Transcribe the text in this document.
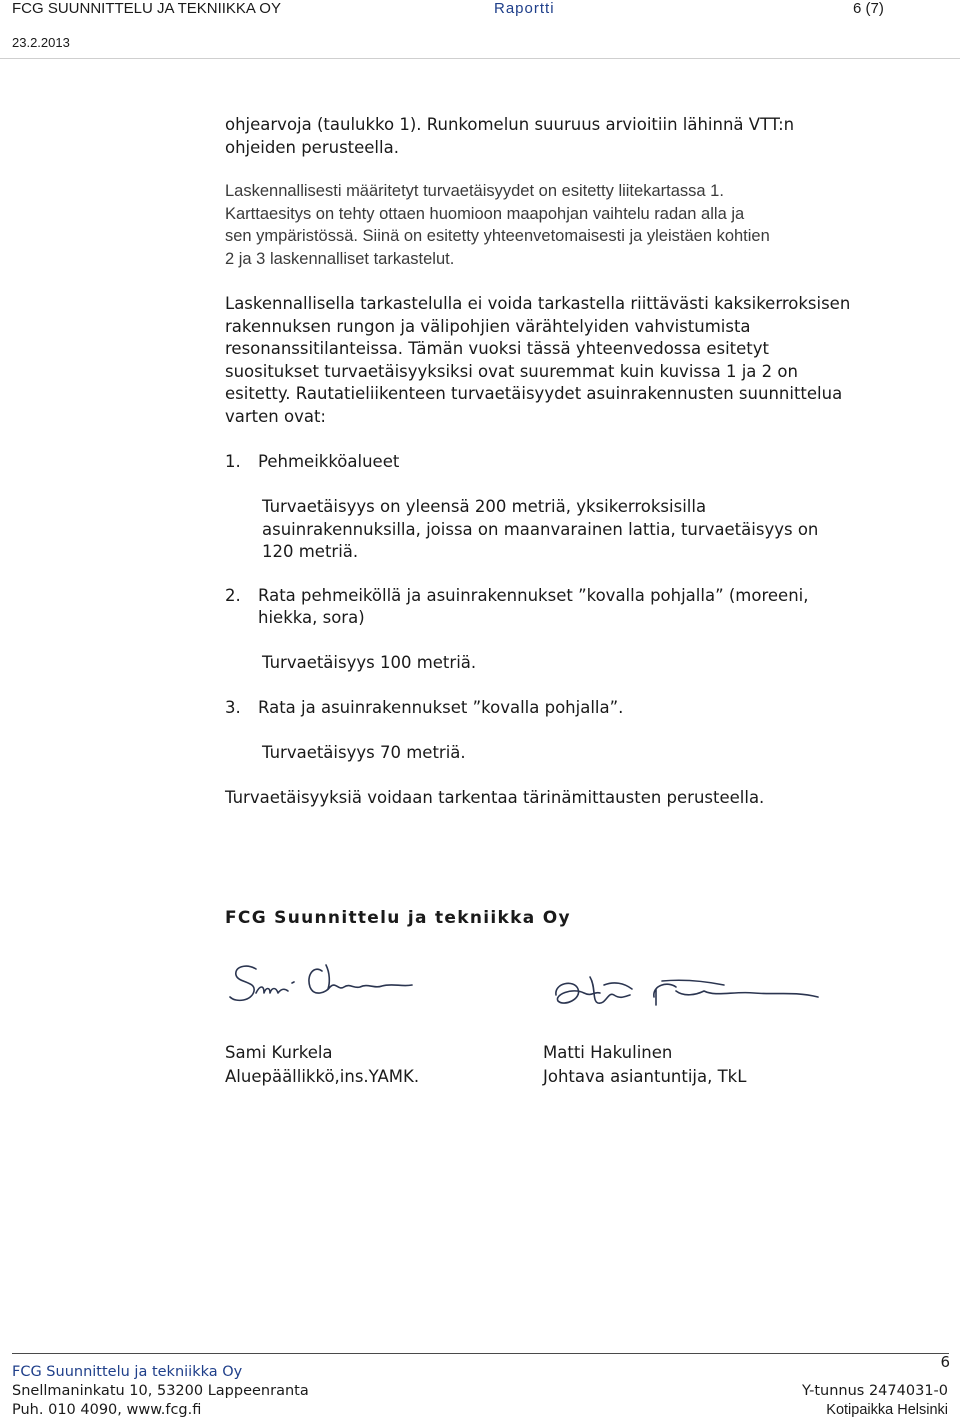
FCG SUUNNITTELU JA TEKNIIKKA OY	Raportti	6 (7)
23.2.2013

ohjearvoja (taulukko 1). Runkomelun suuruus arvioitiin lähinnä VTT:n

ohjeiden perusteella.

Laskennallisesti määritetyt turvaetäisyydet on esitetty liitekartassa 1.

Karttaesitys on tehty ottaen huomioon maapohjan vaihtelu radan alla ja

sen ympäristössä. Siinä on esitetty yhteenvetomaisesti ja yleistäen kohtien

2 ja 3 laskennalliset tarkastelut.

Laskennallisella tarkastelulla ei voida tarkastella riittävästi kaksikerroksisen

rakennuksen rungon ja välipohjien värähtelyiden vahvistumista

resonanssitilanteissa. Tämän vuoksi tässä yhteenvedossa esitetyt

suositukset turvaetäisyyksiksi ovat suuremmat kuin kuvissa 1 ja 2 on

esitetty. Rautatieliikenteen turvaetäisyydet asuinrakennusten suunnittelua

varten ovat:

1. Pehmeikköalueet

Turvaetäisyys on yleensä 200 metriä, yksikerroksisilla

asuinrakennuksilla, joissa on maanvarainen lattia, turvaetäisyys on

120 metriä.

2. Rata pehmeiköllä ja asuinrakennukset ”kovalla pohjalla” (moreeni,
hiekka, sora)

Turvaetäisyys 100 metriä.

3. Rata ja asuinrakennukset ”kovalla pohjalla”.

Turvaetäisyys 70 metriä.

Turvaetäisyyksiä voidaan tarkentaa tärinämittausten perusteella.

FCG Suunnittelu ja tekniikka Oy
Sami Kurkela
Aluepäällikkö,ins.YAMK.
Matti Hakulinen
Johtava asiantuntija, TkL
FCG Suunnittelu ja tekniikka Oy
Snellmaninkatu 10, 53200 Lappeenranta
Puh. 010 4090, www.fcg.fi
6
Y-tunnus 2474031-0
Kotipaikka Helsinki
